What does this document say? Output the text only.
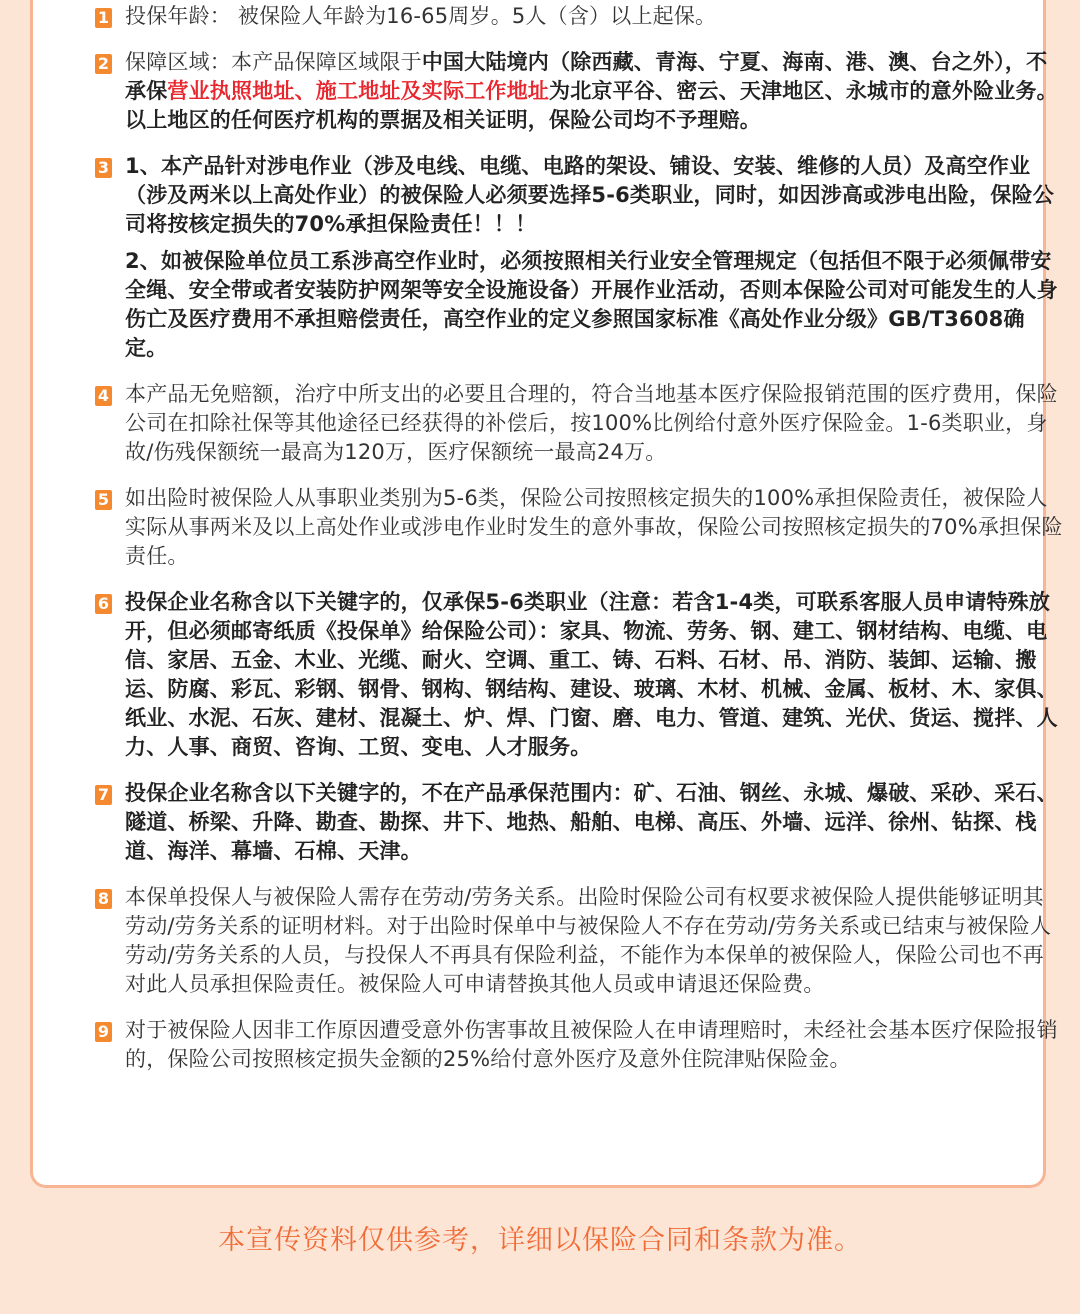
1 投保年龄： 被保险人年龄为16-65周岁。5人（含）以上起保。
2 保障区域：本产品保障区域限于中国大陆境内（除西藏、青海、宁夏、海南、港、澳、台之外），不承保营业执照地址、施工地址及实际工作地址为北京平谷、密云、天津地区、永城市的意外险业务。以上地区的任何医疗机构的票据及相关证明，保险公司均不予理赔。
3 1、本产品针对涉电作业（涉及电线、电缆、电路的架设、铺设、安装、维修的人员）及高空作业（涉及两米以上高处作业）的被保险人必须要选择5-6类职业，同时，如因涉高或涉电出险，保险公司将按核定损失的70%承担保险责任！！！
2、如被保险单位员工系涉高空作业时，必须按照相关行业安全管理规定（包括但不限于必须佩带安全绳、安全带或者安装防护网架等安全设施设备）开展作业活动，否则本保险公司对可能发生的人身伤亡及医疗费用不承担赔偿责任，高空作业的定义参照国家标准《高处作业分级》GB/T3608确定。
4 本产品无免赔额，治疗中所支出的必要且合理的，符合当地基本医疗保险报销范围的医疗费用，保险公司在扣除社保等其他途径已经获得的补偿后，按100%比例给付意外医疗保险金。1-6类职业，身故/伤残保额统一最高为120万，医疗保额统一最高24万。
5 如出险时被保险人从事职业类别为5-6类，保险公司按照核定损失的100%承担保险责任，被保险人实际从事两米及以上高处作业或涉电作业时发生的意外事故，保险公司按照核定损失的70%承担保险责任。
6 投保企业名称含以下关键字的，仅承保5-6类职业（注意：若含1-4类，可联系客服人员申请特殊放开，但必须邮寄纸质《投保单》给保险公司）：家具、物流、劳务、钢、建工、钢材结构、电缆、电信、家居、五金、木业、光缆、耐火、空调、重工、铸、石料、石材、吊、消防、装卸、运输、搬运、防腐、彩瓦、彩钢、钢骨、钢构、钢结构、建设、玻璃、木材、机械、金属、板材、木、家俱、纸业、水泥、石灰、建材、混凝土、炉、焊、门窗、磨、电力、管道、建筑、光伏、货运、搅拌、人力、人事、商贸、咨询、工贸、变电、人才服务。
7 投保企业名称含以下关键字的，不在产品承保范围内：矿、石油、钢丝、永城、爆破、采砂、采石、隧道、桥梁、升降、勘查、勘探、井下、地热、船舶、电梯、高压、外墙、远洋、徐州、钻探、栈道、海洋、幕墙、石棉、天津。
8 本保单投保人与被保险人需存在劳动/劳务关系。出险时保险公司有权要求被保险人提供能够证明其劳动/劳务关系的证明材料。对于出险时保单中与被保险人不存在劳动/劳务关系或已结束与被保险人劳动/劳务关系的人员，与投保人不再具有保险利益，不能作为本保单的被保险人，保险公司也不再对此人员承担保险责任。被保险人可申请替换其他人员或申请退还保险费。
9 对于被保险人因非工作原因遭受意外伤害事故且被保险人在申请理赔时，未经社会基本医疗保险报销的，保险公司按照核定损失金额的25%给付意外医疗及意外住院津贴保险金。
本宣传资料仅供参考，详细以保险合同和条款为准。
